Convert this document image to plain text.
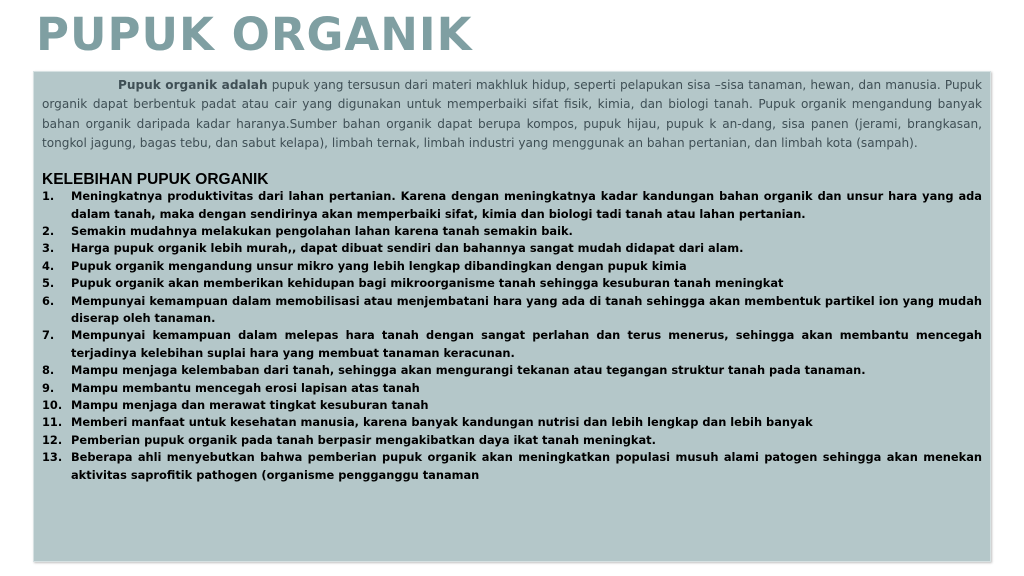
PUPUK ORGANIK

Pupuk organik adalah pupuk yang tersusun dari materi makhluk hidup, seperti pelapukan sisa –sisa tanaman, hewan, dan manusia. Pupuk organik dapat berbentuk padat atau cair yang digunakan untuk memperbaiki sifat fisik, kimia, dan biologi tanah. Pupuk organik mengandung banyak bahan organik daripada kadar haranya.Sumber bahan organik dapat berupa kompos, pupuk hijau, pupuk k an-dang, sisa panen (jerami, brangkasan, tongkol jagung, bagas tebu, dan sabut kelapa), limbah ternak, limbah industri yang menggunak an bahan pertanian, dan limbah kota (sampah).

KELEBIHAN PUPUK ORGANIK
1. Meningkatnya produktivitas dari lahan pertanian. Karena dengan meningkatnya kadar kandungan bahan organik dan unsur hara yang ada dalam tanah, maka dengan sendirinya akan memperbaiki sifat, kimia dan biologi tadi tanah atau lahan pertanian.
2. Semakin mudahnya melakukan pengolahan lahan karena tanah semakin baik.
3. Harga pupuk organik lebih murah,, dapat dibuat sendiri dan bahannya sangat mudah didapat dari alam.
4. Pupuk organik mengandung unsur mikro yang lebih lengkap dibandingkan dengan pupuk kimia
5. Pupuk organik akan memberikan kehidupan bagi mikroorganisme tanah sehingga kesuburan tanah meningkat
6. Mempunyai kemampuan dalam memobilisasi atau menjembatani hara yang ada di tanah sehingga akan membentuk partikel ion yang mudah diserap oleh tanaman.
7. Mempunyai kemampuan dalam melepas hara tanah dengan sangat perlahan dan terus menerus, sehingga akan membantu mencegah terjadinya kelebihan suplai hara yang membuat tanaman keracunan.
8. Mampu menjaga kelembaban dari tanah, sehingga akan mengurangi tekanan atau tegangan struktur tanah pada tanaman.
9. Mampu membantu mencegah erosi lapisan atas tanah
10. Mampu menjaga dan merawat tingkat kesuburan tanah
11. Memberi manfaat untuk kesehatan manusia, karena banyak kandungan nutrisi dan lebih lengkap dan lebih banyak
12. Pemberian pupuk organik pada tanah berpasir mengakibatkan daya ikat tanah meningkat.
13. Beberapa ahli menyebutkan bahwa pemberian pupuk organik akan meningkatkan populasi musuh alami patogen sehingga akan menekan aktivitas saprofitik pathogen (organisme pengganggu tanaman
